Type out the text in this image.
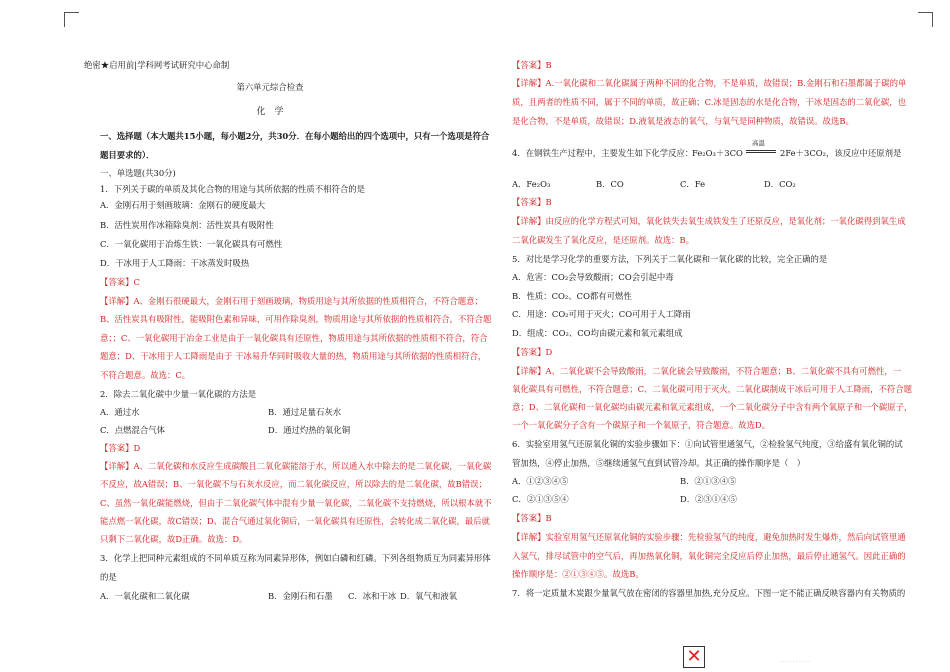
绝密★启用前|学科网考试研究中心命制
第六单元综合检查
化　学
一、选择题（本大题共15小题，每小题2分，共30分．在每小题给出的四个选项中，只有一个选项是符合
题目要求的）．
一、单选题(共30分)
1．下列关于碳的单质及其化合物的用途与其所依据的性质不相符合的是
A．金刚石用于刻画玻璃：金刚石的硬度最大
B．活性炭用作冰箱除臭剂：活性炭具有吸附性
C．一氧化碳用于冶炼生铁：一氧化碳具有可燃性
D．干冰用于人工降雨：干冰蒸发时吸热
【答案】C
【详解】A、金刚石很硬最大，金刚石用于刻画玻璃，物质用途与其所依据的性质相符合，不符合题意；
B、活性炭具有吸附性，能吸附色素和异味，可用作除臭剂，物质用途与其所依据的性质相符合，不符合题
意；；C、一氧化碳用于冶金工业是由于一氧化碳具有还原性，物质用途与其所依据的性质相不符合，符合
题意；D、干冰用于人工降雨是由于 干冰易升华同时吸收大量的热，物质用途与其所依据的性质相符合，
不符合题意。故选：C。
2．除去二氧化碳中少量一氧化碳的方法是
A．通过水	B．通过足量石灰水
C．点燃混合气体	D．通过灼热的氧化铜
【答案】D
【详解】A、二氧化碳和水反应生成碳酸且二氧化碳能溶于水，所以通入水中除去的是二氧化碳，一氧化碳
不反应，故A错误；B、一氧化碳不与石灰水反应，而二氧化碳反应，所以除去的是二氧化碳，故B错误；
C、虽然一氧化碳能燃烧，但由于二氧化碳气体中混有少量一氧化碳，二氧化碳不支持燃烧，所以根本就不
能点燃一氧化碳，故C错误；D、混合气通过氧化铜后，一氧化碳具有还原性，会转化成二氧化碳，最后就
只剩下二氧化碳，故D正确。故选：D。
3．化学上把同种元素组成的不同单质互称为同素异形体，例如白磷和红磷。下列各组物质互为同素异形体
的是
A．一氧化碳和二氧化碳	B．金刚石和石墨 C．冰和干冰 D．氧气和液氧
【答案】B
【详解】A.一氧化碳和二氧化碳属于两种不同的化合物，不是单质，故错误；B.金刚石和石墨都属于碳的单
质，且两者的性质不同，属于不同的单质，故正确；C.冰是固态的水是化合物，干冰是固态的二氧化碳，也
是化合物，不是单质，故错误；D.液氧是液态的氧气，与氧气是同种物质，故错误。故选B。
4．在钢铁生产过程中，主要发生如下化学反应：
Fe₂O₃＋3CO
高温
2Fe＋3CO₂ ，该反应中还原剂是
A．Fe₂O₃	B．CO	C．Fe	D．CO₂
【答案】B
【详解】由反应的化学方程式可知，氧化铁失去氧生成铁发生了还原反应，是氧化剂；一氧化碳得到氧生成
二氧化碳发生了氧化反应，是还原剂。故选：B。
5．对比是学习化学的重要方法，下列关于二氧化碳和一氧化碳的比较，完全正确的是
A．危害：CO₂会导致酸雨；CO会引起中毒
B．性质：CO₂、CO都有可燃性
C．用途：CO₂可用于灭火；CO可用于人工降雨
D．组成：CO₂、CO均由碳元素和氧元素组成
【答案】D
【详解】A、二氧化碳不会导致酸雨，二氧化硫会导致酸雨，不符合题意；B、二氧化碳不具有可燃性，一
氧化碳具有可燃性，不符合题意；C、二氧化碳可用于灭火，二氧化碳制成干冰后可用于人工降雨，不符合题
意；D、二氧化碳和一氧化碳均由碳元素和氧元素组成，一个二氧化碳分子中含有两个氧原子和一个碳原子，
一个一氧化碳分子含有一个碳原子和一个氧原子，符合题意。故选D。
6．实验室用氢气还原氧化铜的实验步骤如下：①向试管里通氢气，②检验氢气纯度，③给盛有氧化铜的试
管加热，④停止加热，⑤继续通氢气直到试管冷却。其正确的操作顺序是（　）
A．①②③④⑤	B．②①③④⑤
C．②①③⑤④	D．②③①④⑤
【答案】B
【详解】实验室用氢气还原氧化铜的实验步骤：先检验氢气的纯度，避免加热时发生爆炸，然后向试管里通
入氢气，排尽试管中的空气后，再加热氧化铜，氧化铜完全反应后停止加热，最后停止通氢气。因此正确的
操作顺序是：②①③④⑤。故选B。
7．将一定质量木炭跟少量氧气放在密闭的容器里加热,充分反应。下图一定不能正确反映容器内有关物质的
✕	· · · · · · · · · ·
